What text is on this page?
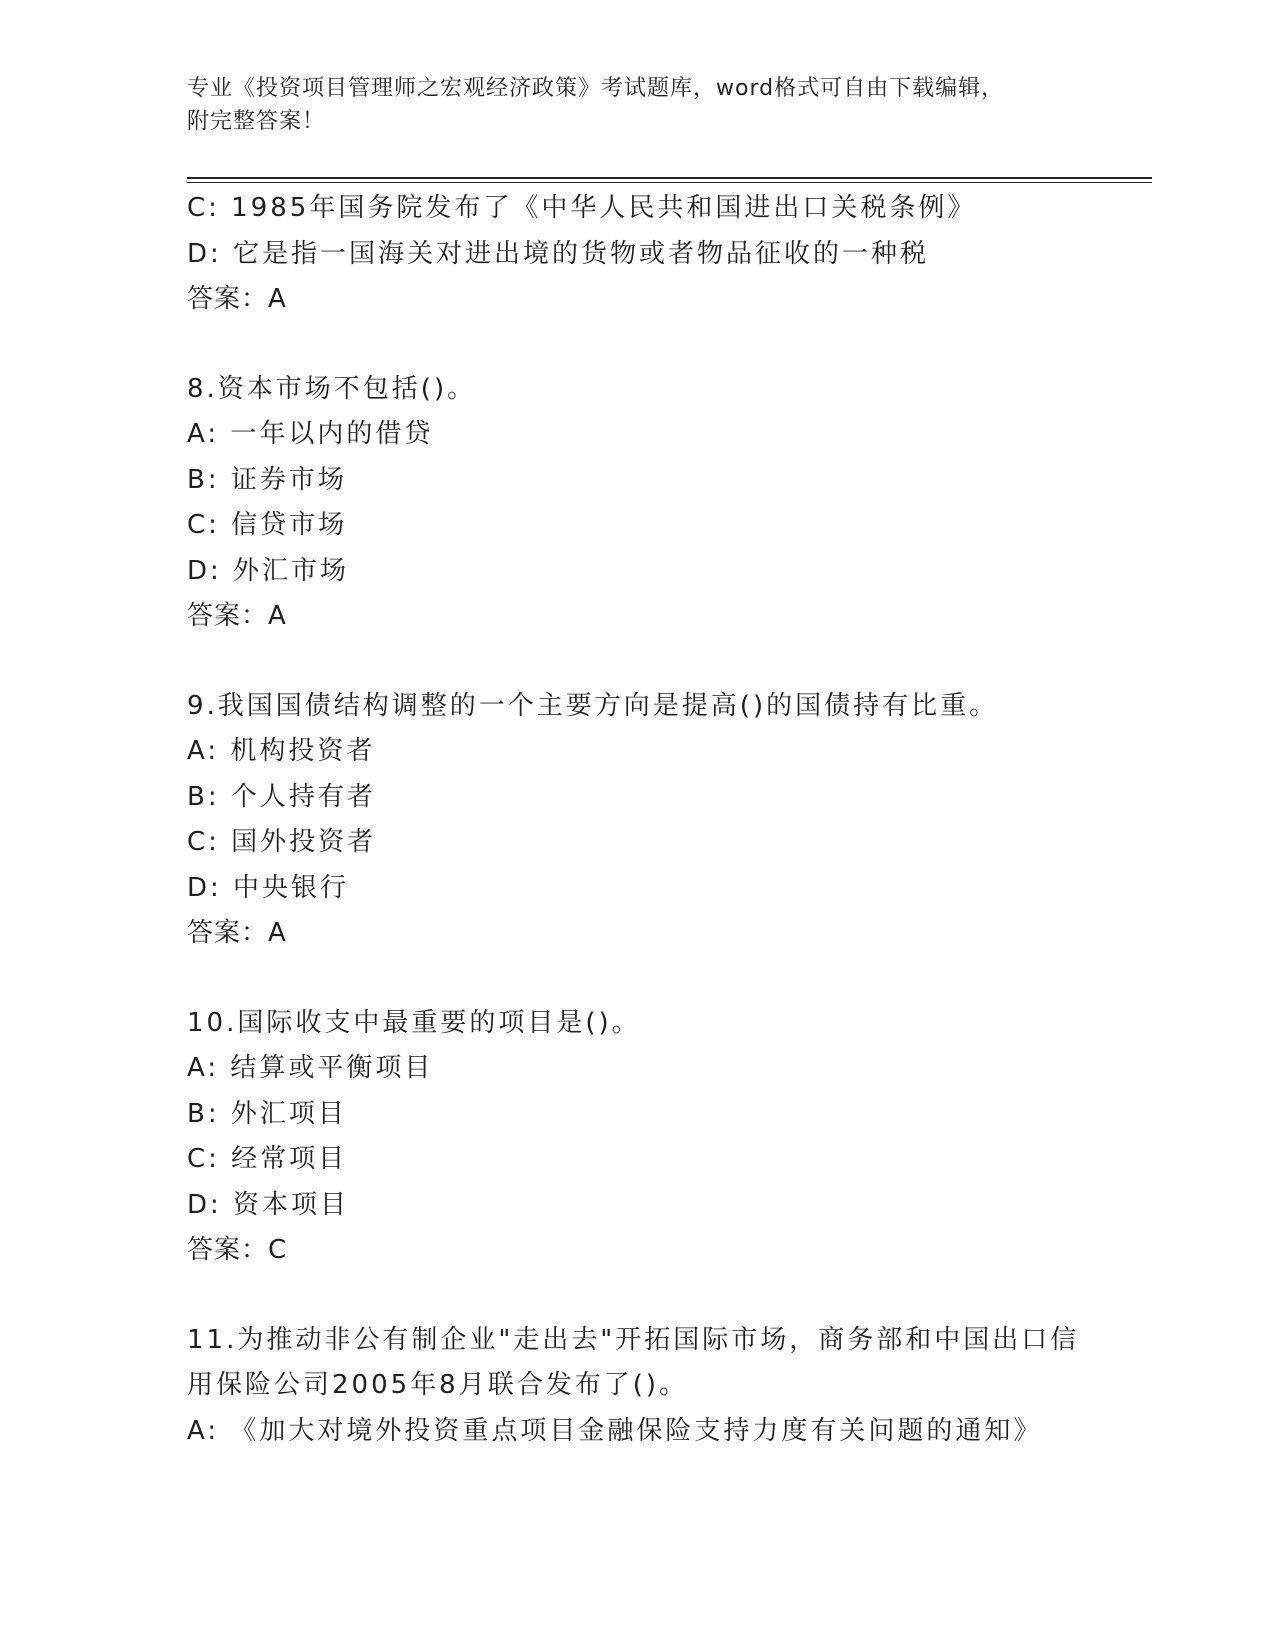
专业《投资项目管理师之宏观经济政策》考试题库，word格式可自由下载编辑，
附完整答案！
C: 1985年国务院发布了《中华人民共和国进出口关税条例》
D: 它是指一国海关对进出境的货物或者物品征收的一种税
答案：A
8.资本市场不包括()。
A: 一年以内的借贷
B: 证券市场
C: 信贷市场
D: 外汇市场
答案：A
9.我国国债结构调整的一个主要方向是提高()的国债持有比重。
A: 机构投资者
B: 个人持有者
C: 国外投资者
D: 中央银行
答案：A
10.国际收支中最重要的项目是()。
A: 结算或平衡项目
B: 外汇项目
C: 经常项目
D: 资本项目
答案：C
11.为推动非公有制企业"走出去"开拓国际市场，商务部和中国出口信
用保险公司2005年8月联合发布了()。
A: 《加大对境外投资重点项目金融保险支持力度有关问题的通知》
